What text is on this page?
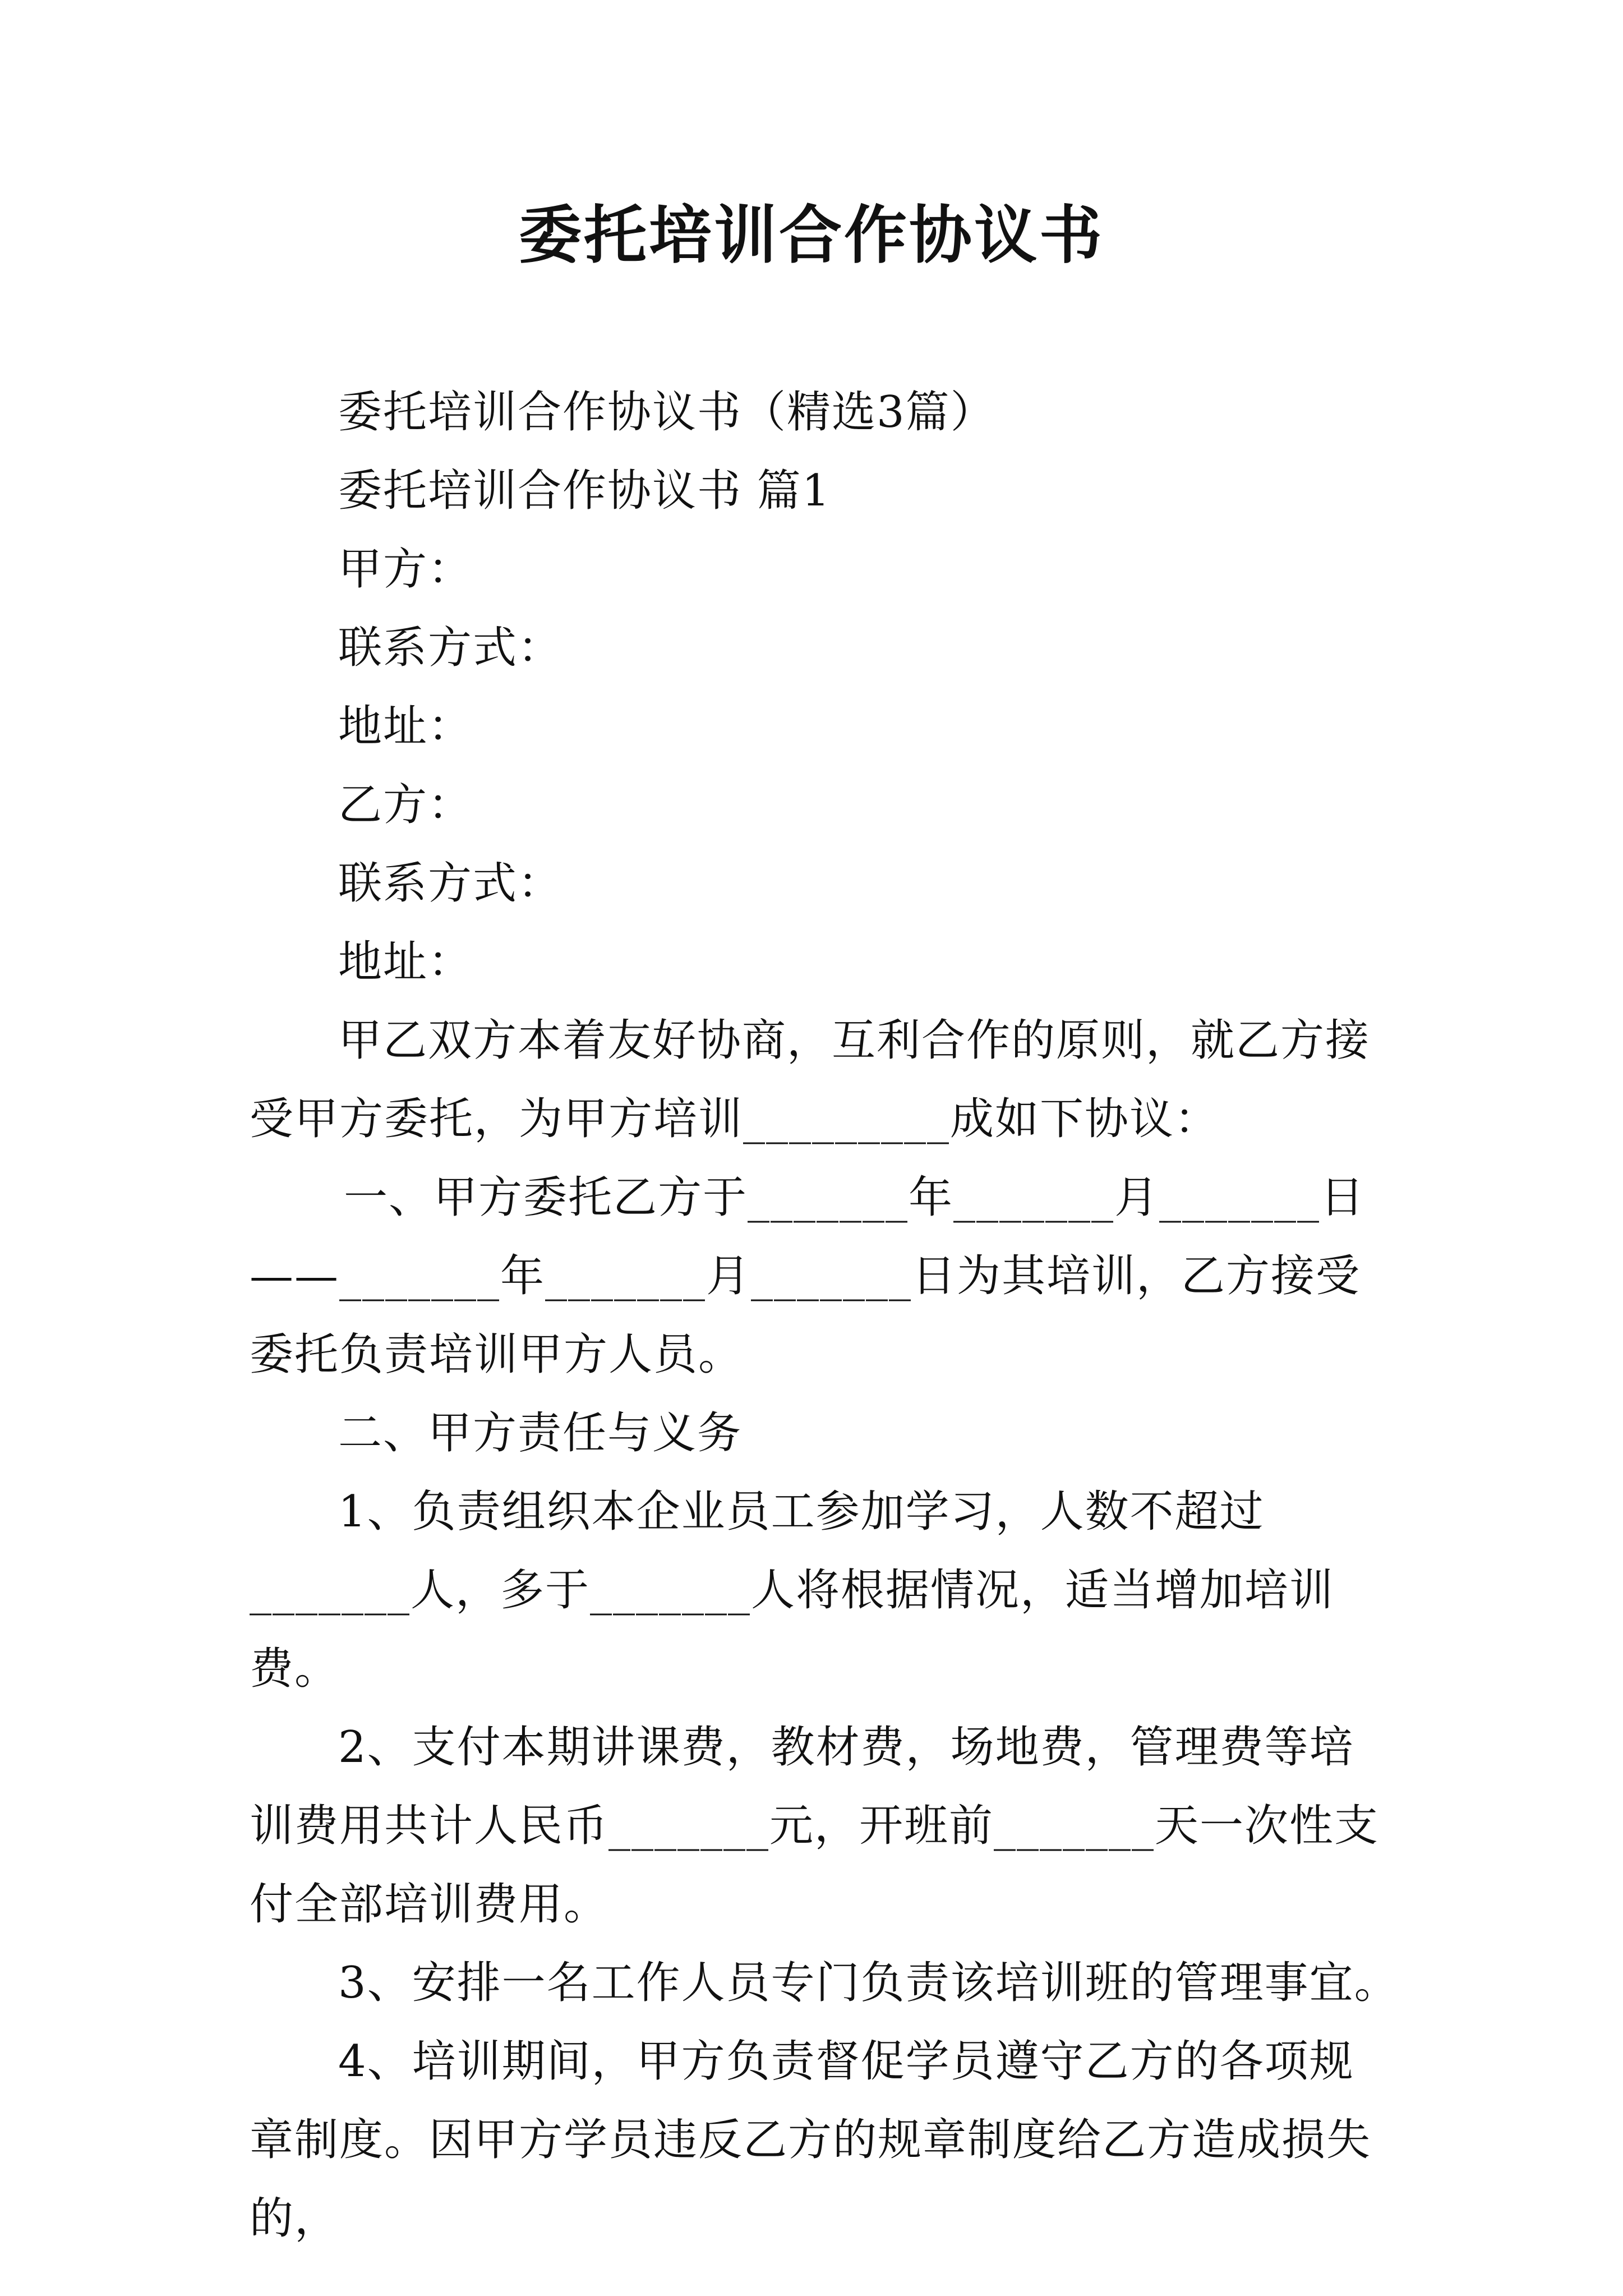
委托培训合作协议书

委托培训合作协议书（精选3篇）

委托培训合作协议书 篇1

甲方：

联系方式：

地址：

乙方：

联系方式：

地址：

甲乙双方本着友好协商，互利合作的原则，就乙方接受甲方委托，为甲方培训_________成如下协议：

一、甲方委托乙方于_______年_______月_______日——_______年_______月_______日为其培训，乙方接受委托负责培训甲方人员。

二、甲方责任与义务

1、负责组织本企业员工参加学习，人数不超过_______人，多于_______人将根据情况，适当增加培训费。

2、支付本期讲课费，教材费，场地费，管理费等培训费用共计人民币_______元，开班前_______天一次性支付全部培训费用。

3、安排一名工作人员专门负责该培训班的管理事宜。

4、培训期间，甲方负责督促学员遵守乙方的各项规章制度。因甲方学员违反乙方的规章制度给乙方造成损失的，
